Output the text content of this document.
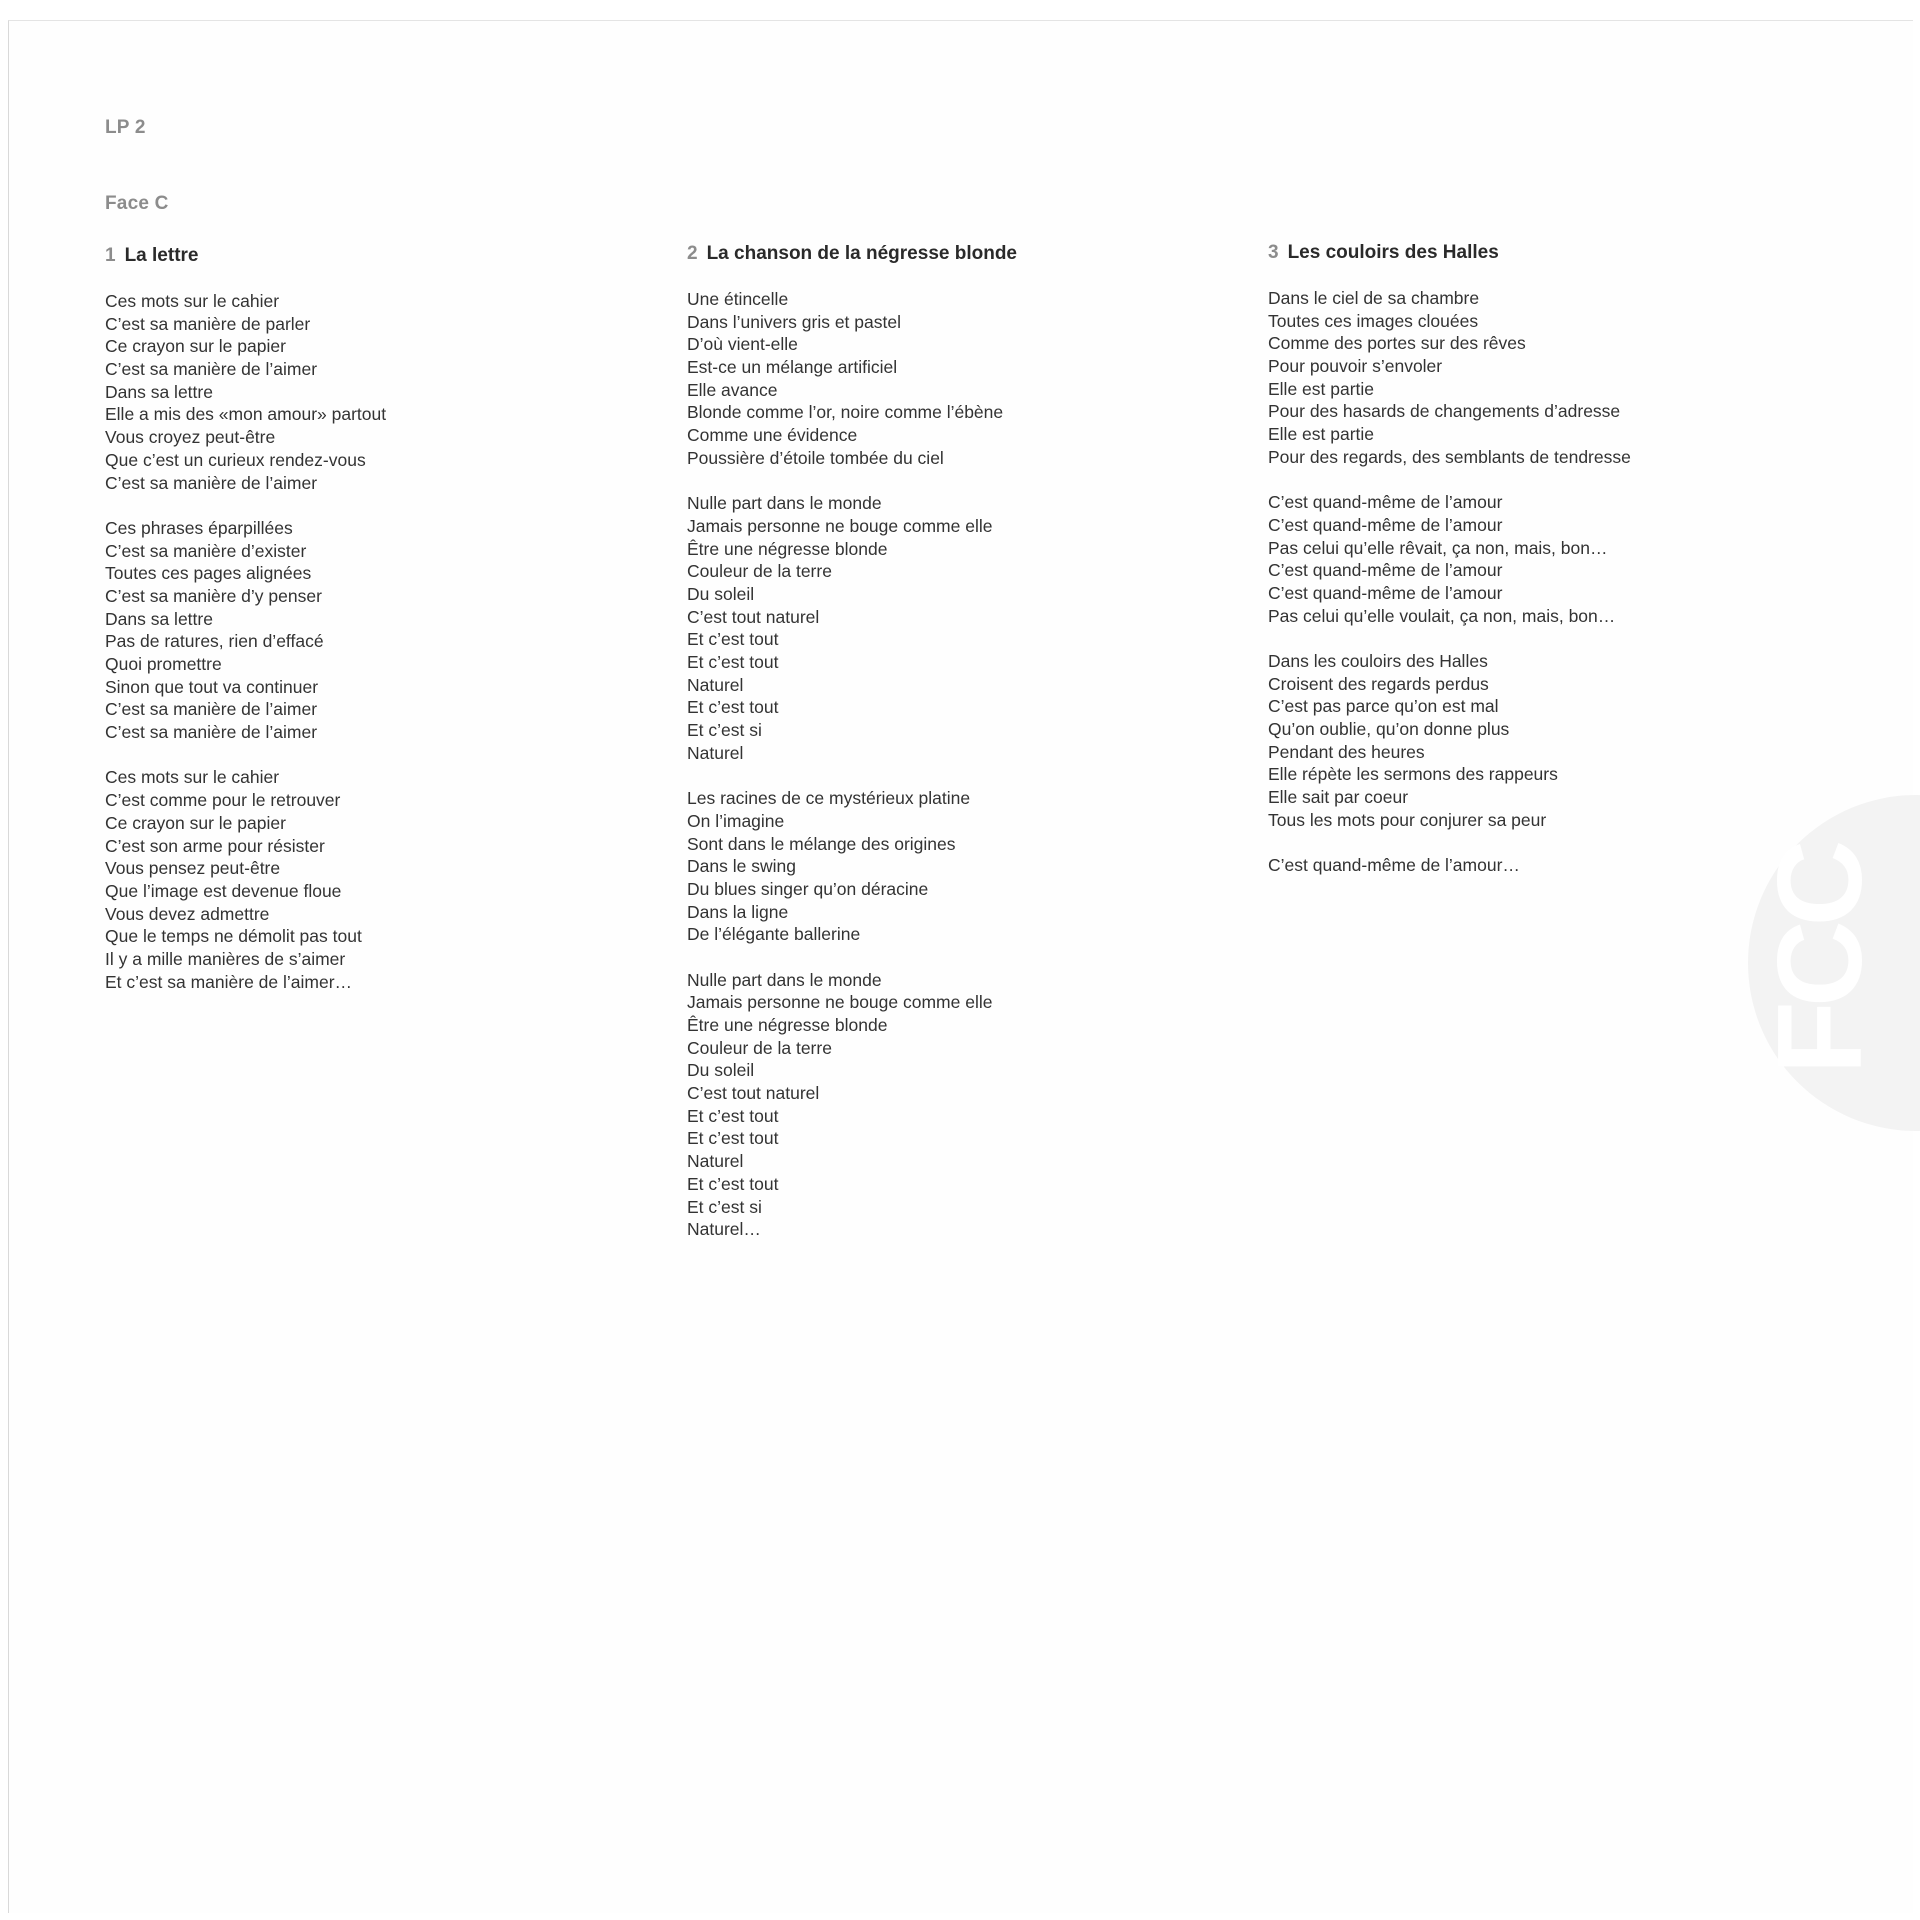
LP 2

Face C

1 La lettre

Ces mots sur le cahier
C’est sa manière de parler
Ce crayon sur le papier
C’est sa manière de l’aimer
Dans sa lettre
Elle a mis des «mon amour» partout
Vous croyez peut-être
Que c’est un curieux rendez-vous
C’est sa manière de l’aimer
Ces phrases éparpillées
C’est sa manière d’exister
Toutes ces pages alignées
C’est sa manière d’y penser
Dans sa lettre
Pas de ratures, rien d’effacé
Quoi promettre
Sinon que tout va continuer
C’est sa manière de l’aimer
C’est sa manière de l’aimer
Ces mots sur le cahier
C’est comme pour le retrouver
Ce crayon sur le papier
C’est son arme pour résister
Vous pensez peut-être
Que l’image est devenue floue
Vous devez admettre
Que le temps ne démolit pas tout
Il y a mille manières de s’aimer
Et c’est sa manière de l’aimer…

2 La chanson de la négresse blonde

Une étincelle
Dans l’univers gris et pastel
D’où vient-elle
Est-ce un mélange artificiel
Elle avance
Blonde comme l’or, noire comme l’ébène
Comme une évidence
Poussière d’étoile tombée du ciel
Nulle part dans le monde
Jamais personne ne bouge comme elle
Être une négresse blonde
Couleur de la terre
Du soleil
C’est tout naturel
Et c’est tout
Et c’est tout
Naturel
Et c’est tout
Et c’est si
Naturel
Les racines de ce mystérieux platine
On l’imagine
Sont dans le mélange des origines
Dans le swing
Du blues singer qu’on déracine
Dans la ligne
De l’élégante ballerine
Nulle part dans le monde
Jamais personne ne bouge comme elle
Être une négresse blonde
Couleur de la terre
Du soleil
C’est tout naturel
Et c’est tout
Et c’est tout
Naturel
Et c’est tout
Et c’est si
Naturel…

3 Les couloirs des Halles

Dans le ciel de sa chambre
Toutes ces images clouées
Comme des portes sur des rêves
Pour pouvoir s’envoler
Elle est partie
Pour des hasards de changements d’adresse
Elle est partie
Pour des regards, des semblants de tendresse
C’est quand-même de l’amour
C’est quand-même de l’amour
Pas celui qu’elle rêvait, ça non, mais, bon…
C’est quand-même de l’amour
C’est quand-même de l’amour
Pas celui qu’elle voulait, ça non, mais, bon…
Dans les couloirs des Halles
Croisent des regards perdus
C’est pas parce qu’on est mal
Qu’on oublie, qu’on donne plus
Pendant des heures
Elle répète les sermons des rappeurs
Elle sait par coeur
Tous les mots pour conjurer sa peur
C’est quand-même de l’amour…	FCC
